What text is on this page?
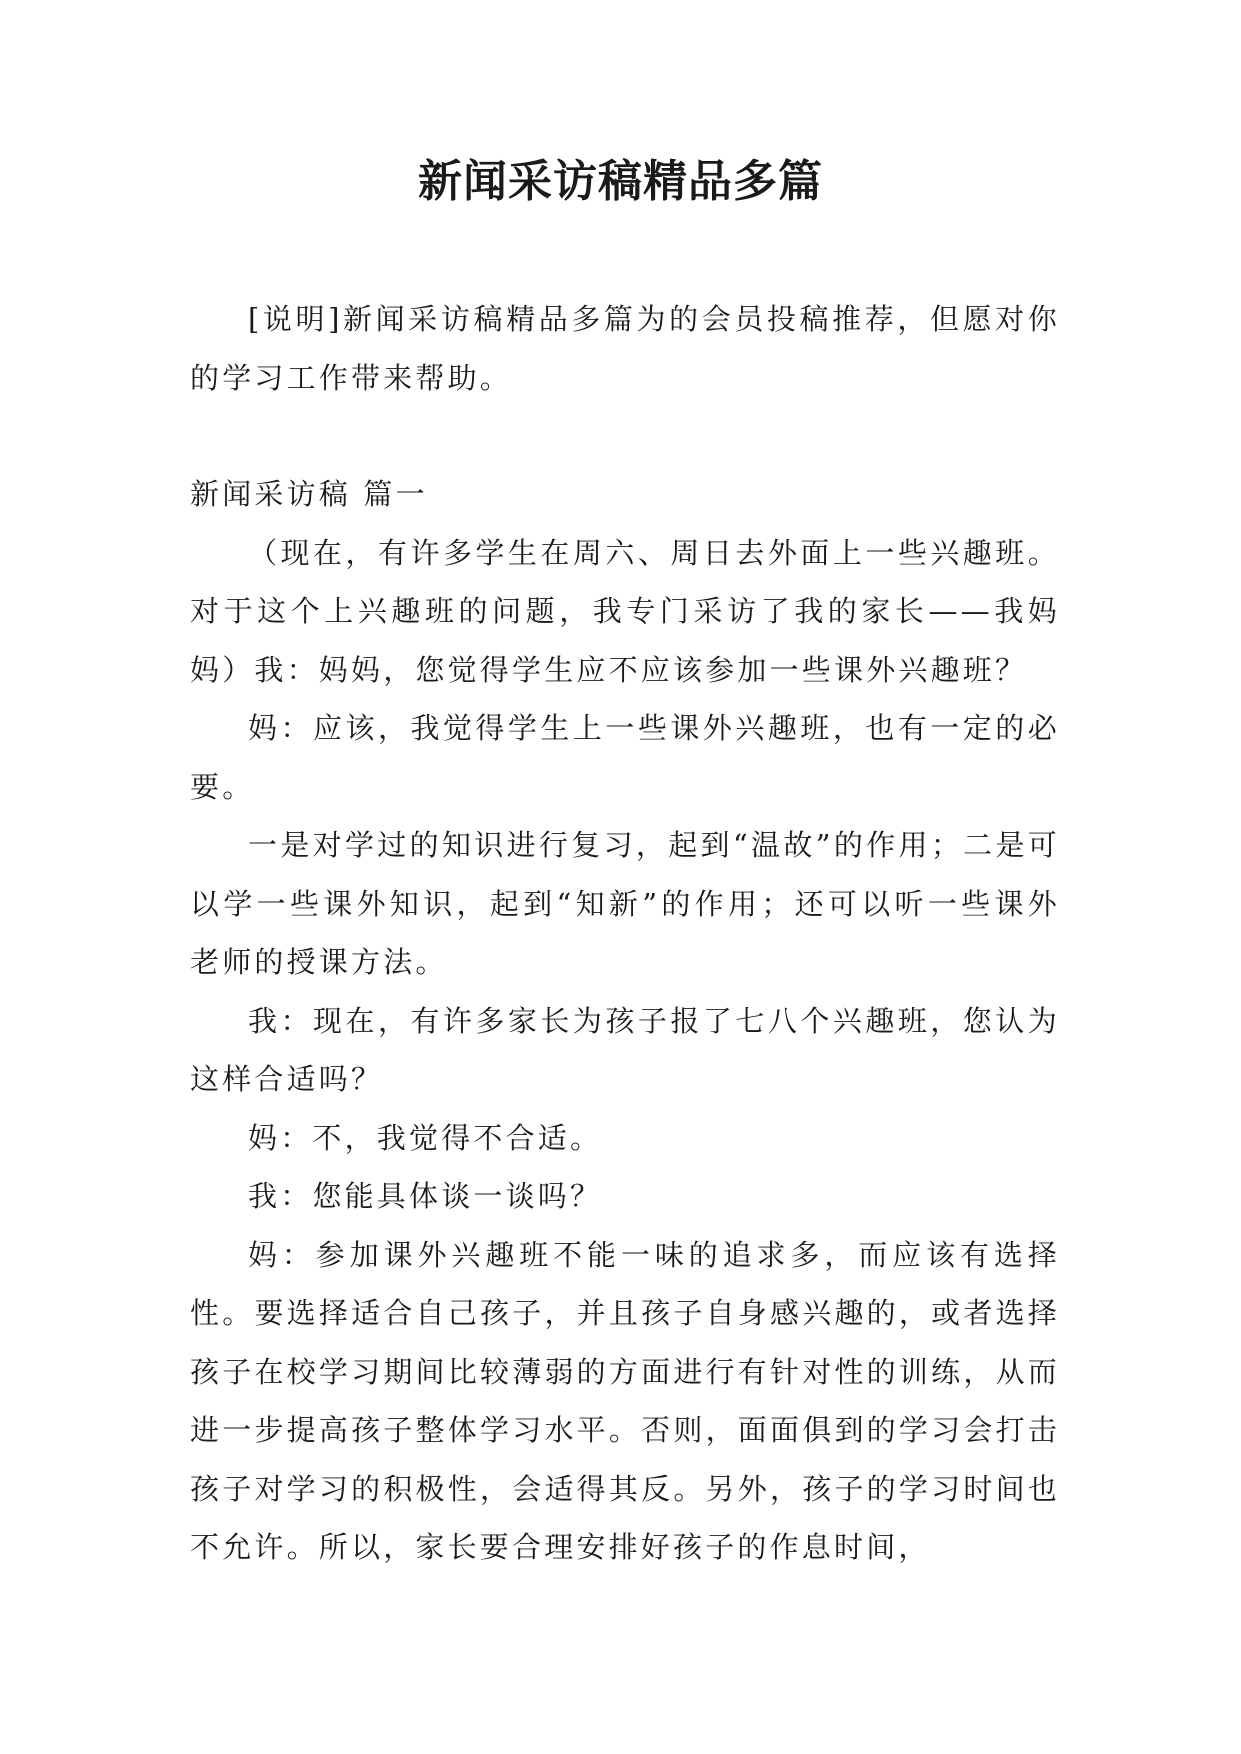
新闻采访稿精品多篇

[说明]新闻采访稿精品多篇为的会员投稿推荐，但愿对你的学习工作带来帮助。

新闻采访稿 篇一

（现在，有许多学生在周六、周日去外面上一些兴趣班。对于这个上兴趣班的问题，我专门采访了我的家长——我妈妈）我：妈妈，您觉得学生应不应该参加一些课外兴趣班？

妈：应该，我觉得学生上一些课外兴趣班，也有一定的必要。

一是对学过的知识进行复习，起到“温故”的作用；二是可以学一些课外知识，起到“知新”的作用；还可以听一些课外老师的授课方法。

我：现在，有许多家长为孩子报了七八个兴趣班，您认为这样合适吗？

妈：不，我觉得不合适。

我：您能具体谈一谈吗？

妈：参加课外兴趣班不能一味的追求多，而应该有选择性。要选择适合自己孩子，并且孩子自身感兴趣的，或者选择孩子在校学习期间比较薄弱的方面进行有针对性的训练，从而进一步提高孩子整体学习水平。否则，面面俱到的学习会打击孩子对学习的积极性，会适得其反。另外，孩子的学习时间也不允许。所以，家长要合理安排好孩子的作息时间，
